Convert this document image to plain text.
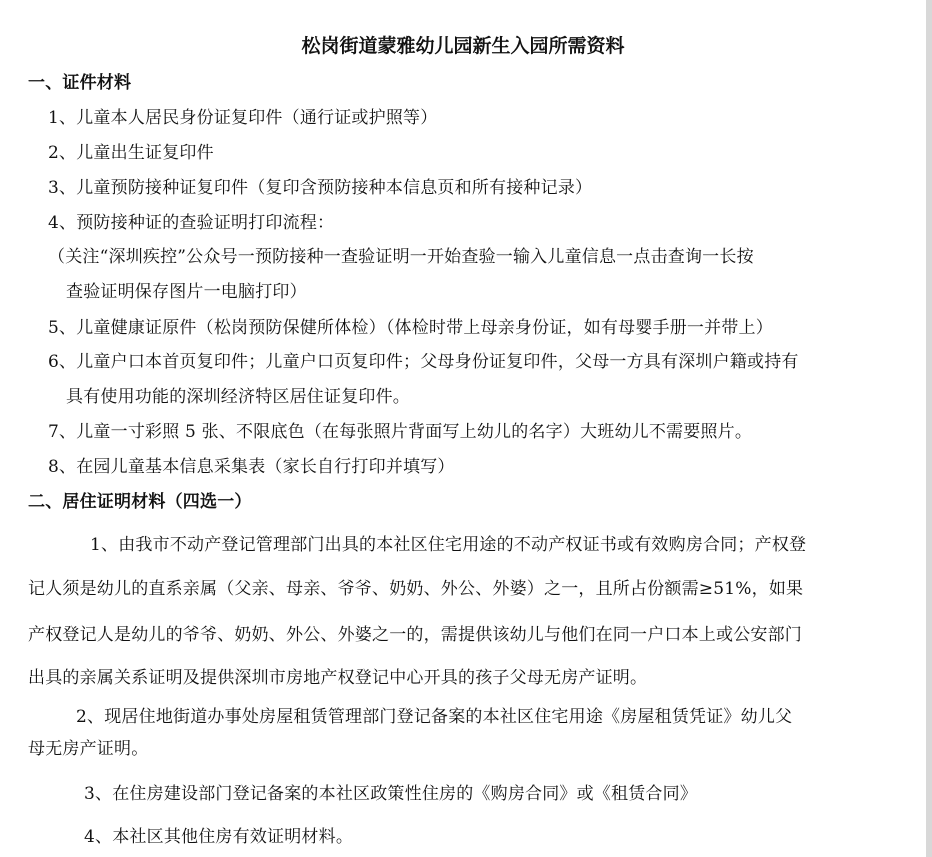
松岗街道蒙雅幼儿园新生入园所需资料
一、证件材料
1、儿童本人居民身份证复印件（通行证或护照等）
2、儿童出生证复印件
3、儿童预防接种证复印件（复印含预防接种本信息页和所有接种记录）
4、预防接种证的查验证明打印流程：
（关注“深圳疾控”公众号一预防接种一查验证明一开始查验一输入儿童信息一点击查询一长按
查验证明保存图片一电脑打印）
5、儿童健康证原件（松岗预防保健所体检）（体检时带上母亲身份证，如有母婴手册一并带上）
6、儿童户口本首页复印件；儿童户口页复印件；父母身份证复印件，父母一方具有深圳户籍或持有
具有使用功能的深圳经济特区居住证复印件。
7、儿童一寸彩照 5 张、不限底色（在每张照片背面写上幼儿的名字）大班幼儿不需要照片。
8、在园儿童基本信息采集表（家长自行打印并填写）
二、居住证明材料（四选一）
1、由我市不动产登记管理部门出具的本社区住宅用途的不动产权证书或有效购房合同；产权登
记人须是幼儿的直系亲属（父亲、母亲、爷爷、奶奶、外公、外婆）之一，且所占份额需≥51%，如果
产权登记人是幼儿的爷爷、奶奶、外公、外婆之一的，需提供该幼儿与他们在同一户口本上或公安部门
出具的亲属关系证明及提供深圳市房地产权登记中心开具的孩子父母无房产证明。
2、现居住地街道办事处房屋租赁管理部门登记备案的本社区住宅用途《房屋租赁凭证》幼儿父
母无房产证明。
3、在住房建设部门登记备案的本社区政策性住房的《购房合同》或《租赁合同》
4、本社区其他住房有效证明材料。
